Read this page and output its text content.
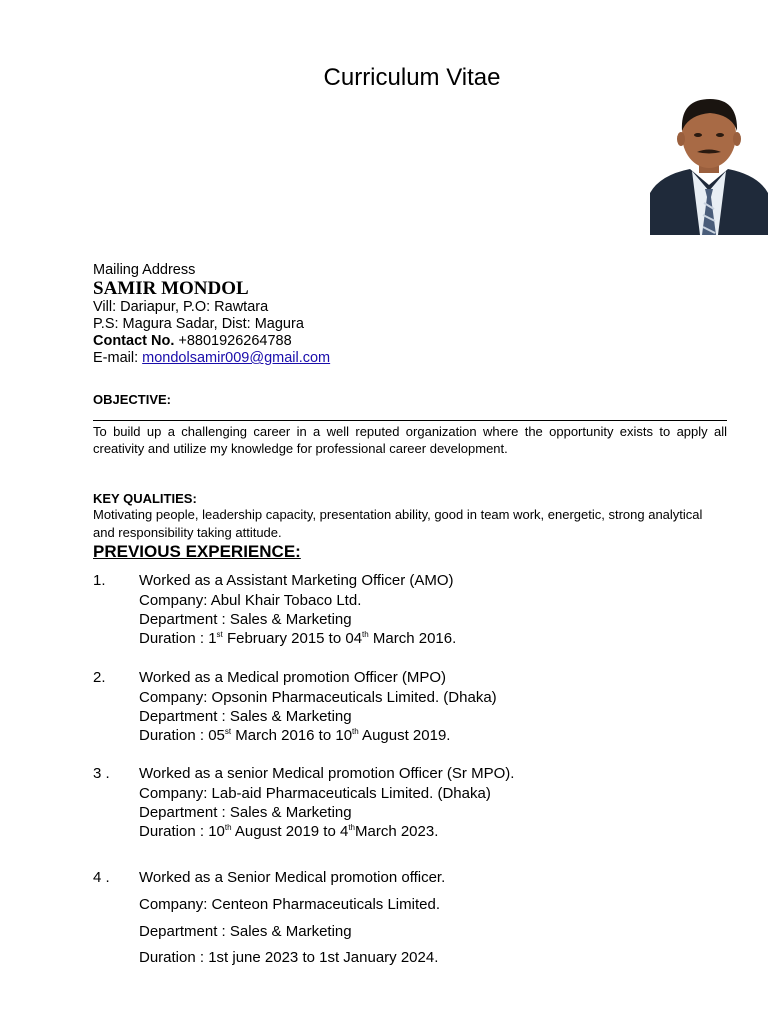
Curriculum Vitae
Mailing Address
SAMIR MONDOL
Vill: Dariapur, P.O: Rawtara
P.S: Magura Sadar, Dist: Magura
Contact No. +8801926264788
E-mail: mondolsamir009@gmail.com
OBJECTIVE:
To build up a challenging career in a well reputed organization where the opportunity exists to apply all creativity and utilize my knowledge for professional career development.
KEY QUALITIES:
Motivating people, leadership capacity, presentation ability, good in team work, energetic, strong analytical and responsibility taking attitude.
PREVIOUS EXPERIENCE:
1.	Worked as a Assistant Marketing Officer (AMO)
Company: Abul Khair Tobaco Ltd.
Department : Sales & Marketing
Duration : 1st February 2015 to 04th March 2016.
2.	Worked as a Medical promotion Officer (MPO)
Company: Opsonin Pharmaceuticals Limited. (Dhaka)
Department : Sales & Marketing
Duration : 05st March 2016 to 10th August 2019.
3 .	Worked as a senior Medical promotion Officer (Sr MPO).
Company: Lab-aid Pharmaceuticals Limited. (Dhaka)
Department : Sales & Marketing
Duration : 10th August 2019 to 4thMarch 2023.
4 .	Worked as a Senior Medical promotion officer.
Company: Centeon Pharmaceuticals Limited.
Department : Sales & Marketing
Duration : 1st june 2023 to 1st January 2024.
